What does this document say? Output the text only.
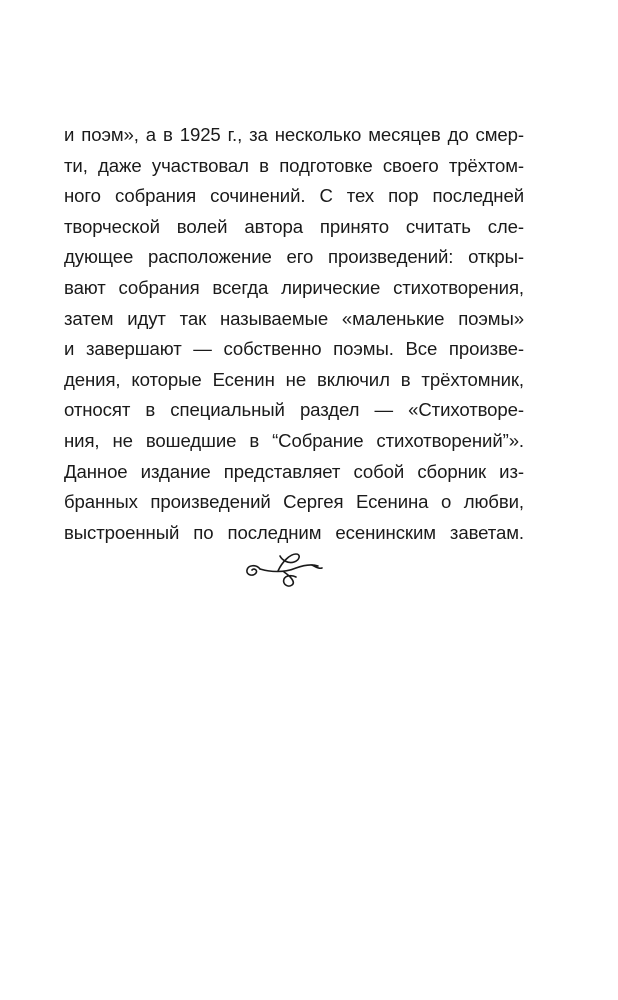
и поэм», а в 1925 г., за несколько месяцев до смер-
ти, даже участвовал в подготовке своего трёхтом-
ного собрания сочинений. С тех пор последней
творческой волей автора принято считать сле-
дующее расположение его произведений: откры-
вают собрания всегда лирические стихотворения,
затем идут так называемые «маленькие поэмы»
и завершают — собственно поэмы. Все произве-
дения, которые Есенин не включил в трёхтомник,
относят в специальный раздел — «Стихотворе-
ния, не вошедшие в “Собрание стихотворений”».
Данное издание представляет собой сборник из-
бранных произведений Сергея Есенина о любви,
выстроенный по последним есенинским заветам.
